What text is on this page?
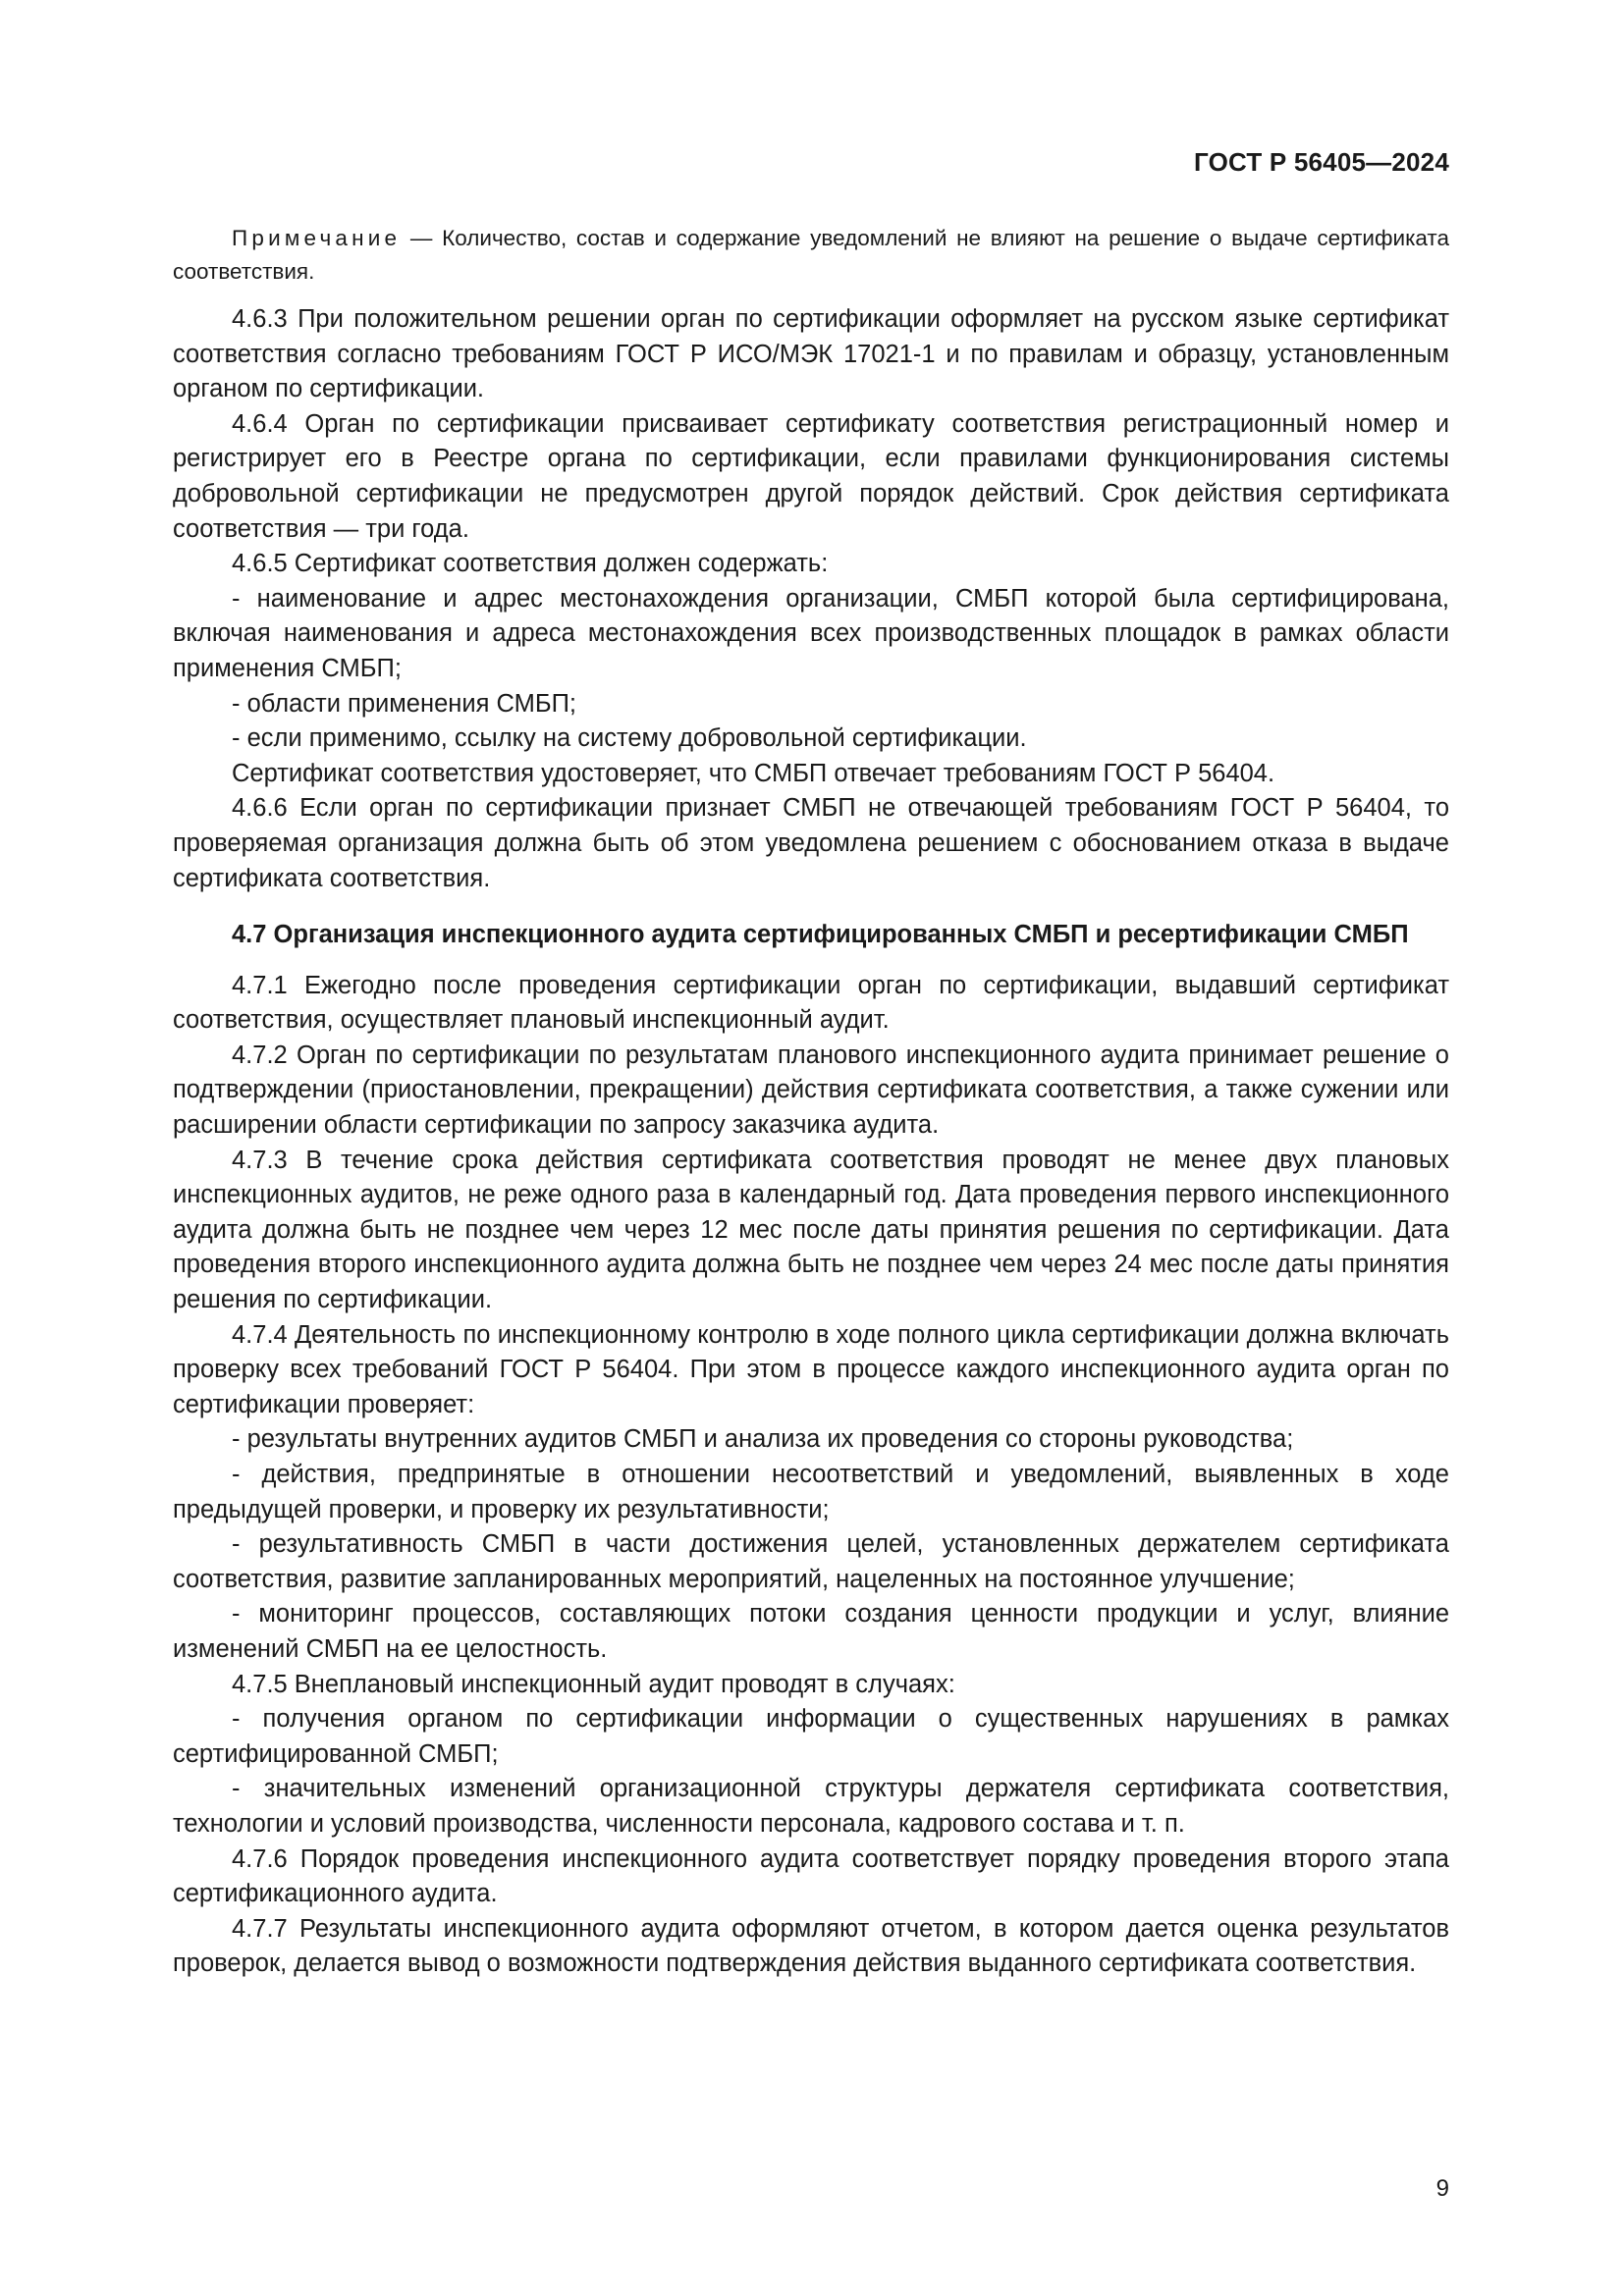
ГОСТ Р 56405—2024

Примечание — Количество, состав и содержание уведомлений не влияют на решение о выдаче сертификата соответствия.

4.6.3 При положительном решении орган по сертификации оформляет на русском языке сертификат соответствия согласно требованиям ГОСТ Р ИСО/МЭК 17021-1 и по правилам и образцу, установленным органом по сертификации.

4.6.4 Орган по сертификации присваивает сертификату соответствия регистрационный номер и регистрирует его в Реестре органа по сертификации, если правилами функционирования системы добровольной сертификации не предусмотрен другой порядок действий. Срок действия сертификата соответствия — три года.

4.6.5 Сертификат соответствия должен содержать:

- наименование и адрес местонахождения организации, СМБП которой была сертифицирована, включая наименования и адреса местонахождения всех производственных площадок в рамках области применения СМБП;

- области применения СМБП;

- если применимо, ссылку на систему добровольной сертификации.

Сертификат соответствия удостоверяет, что СМБП отвечает требованиям ГОСТ Р 56404.

4.6.6 Если орган по сертификации признает СМБП не отвечающей требованиям ГОСТ Р 56404, то проверяемая организация должна быть об этом уведомлена решением с обоснованием отказа в выдаче сертификата соответствия.

4.7 Организация инспекционного аудита сертифицированных СМБП и ресертификации СМБП

4.7.1 Ежегодно после проведения сертификации орган по сертификации, выдавший сертификат соответствия, осуществляет плановый инспекционный аудит.

4.7.2 Орган по сертификации по результатам планового инспекционного аудита принимает решение о подтверждении (приостановлении, прекращении) действия сертификата соответствия, а также сужении или расширении области сертификации по запросу заказчика аудита.

4.7.3 В течение срока действия сертификата соответствия проводят не менее двух плановых инспекционных аудитов, не реже одного раза в календарный год. Дата проведения первого инспекционного аудита должна быть не позднее чем через 12 мес после даты принятия решения по сертификации. Дата проведения второго инспекционного аудита должна быть не позднее чем через 24 мес после даты принятия решения по сертификации.

4.7.4 Деятельность по инспекционному контролю в ходе полного цикла сертификации должна включать проверку всех требований ГОСТ Р 56404. При этом в процессе каждого инспекционного аудита орган по сертификации проверяет:

- результаты внутренних аудитов СМБП и анализа их проведения со стороны руководства;

- действия, предпринятые в отношении несоответствий и уведомлений, выявленных в ходе предыдущей проверки, и проверку их результативности;

- результативность СМБП в части достижения целей, установленных держателем сертификата соответствия, развитие запланированных мероприятий, нацеленных на постоянное улучшение;

- мониторинг процессов, составляющих потоки создания ценности продукции и услуг, влияние изменений СМБП на ее целостность.

4.7.5 Внеплановый инспекционный аудит проводят в случаях:

- получения органом по сертификации информации о существенных нарушениях в рамках сертифицированной СМБП;

- значительных изменений организационной структуры держателя сертификата соответствия, технологии и условий производства, численности персонала, кадрового состава и т. п.

4.7.6 Порядок проведения инспекционного аудита соответствует порядку проведения второго этапа сертификационного аудита.

4.7.7 Результаты инспекционного аудита оформляют отчетом, в котором дается оценка результатов проверок, делается вывод о возможности подтверждения действия выданного сертификата соответствия.

9
